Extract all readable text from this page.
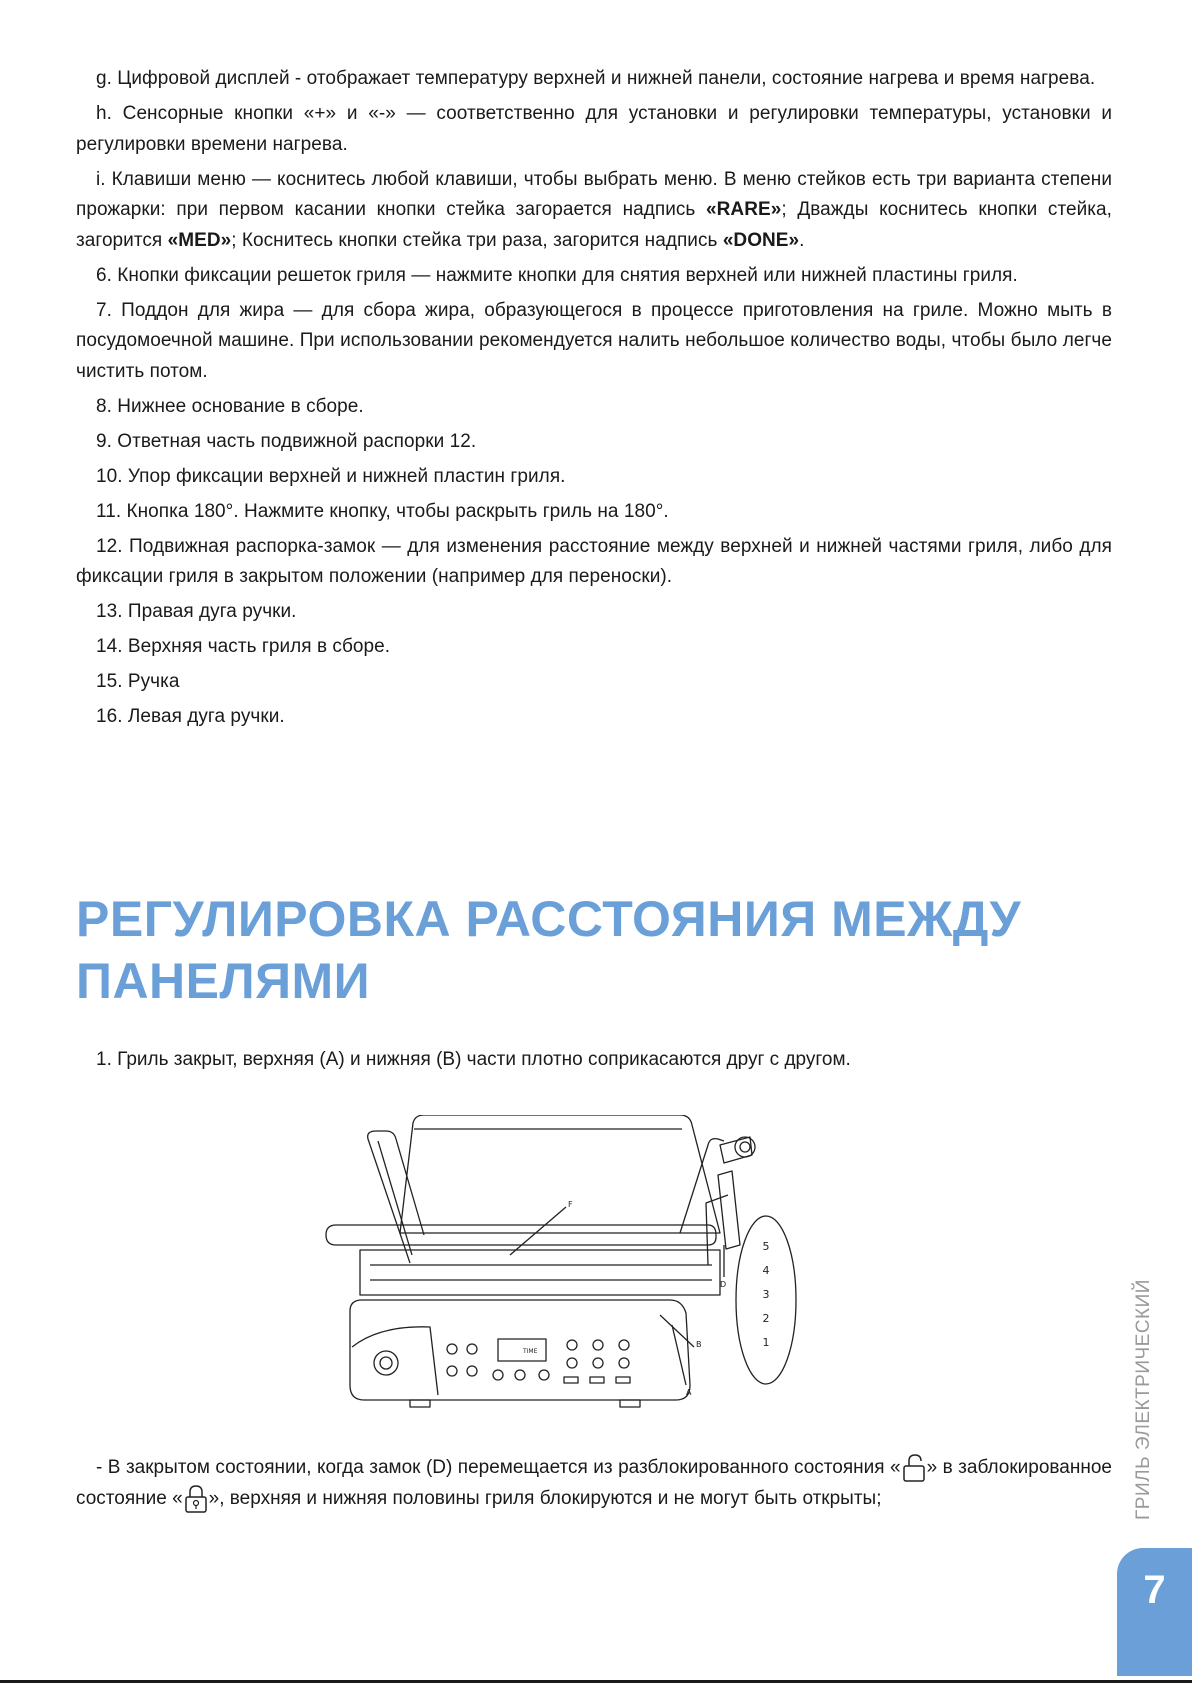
g. Цифровой дисплей - отображает температуру верхней и нижней панели, состояние нагрева и время нагрева.

h. Сенсорные кнопки «+» и «-» — соответственно для установки и регулировки температуры, установки и регулировки времени нагрева.

i. Клавиши меню — коснитесь любой клавиши, чтобы выбрать меню. В меню стейков есть три варианта степени прожарки: при первом касании кнопки стейка загорается надпись «RARE»; Дважды коснитесь кнопки стейка, загорится «MED»; Коснитесь кнопки стейка три раза, загорится надпись «DONE».

6. Кнопки фиксации решеток гриля — нажмите кнопки для снятия верхней или нижней пластины гриля.

7. Поддон для жира — для сбора жира, образующегося в процессе приготовления на гриле. Можно мыть в посудомоечной машине. При использовании рекомендуется налить небольшое количество воды, чтобы было легче чистить потом.

8. Нижнее основание в сборе.

9. Ответная часть подвижной распорки 12.

10. Упор фиксации верхней и нижней пластин гриля.

11. Кнопка 180°. Нажмите кнопку, чтобы раскрыть гриль на 180°.

12. Подвижная распорка-замок — для изменения расстояние между верхней и нижней частями гриля, либо для фиксации гриля в закрытом положении (например для переноски).

13. Правая дуга ручки.

14. Верхняя часть гриля в сборе.

15. Ручка

16. Левая дуга ручки.

РЕГУЛИРОВКА РАССТОЯНИЯ МЕЖДУ ПАНЕЛЯМИ

1. Гриль закрыт, верхняя (А) и нижняя (В) части плотно соприкасаются друг с другом.

F
D
B
A
TIME
5
4
3
2
1

- В закрытом состоянии, когда замок (D) перемещается из разблокированного состояния « » в заблокированное состояние « », верхняя и нижняя половины гриля блокируются и не могут быть открыты;	ГРИЛЬ ЭЛЕКТРИЧЕСКИЙ
7
